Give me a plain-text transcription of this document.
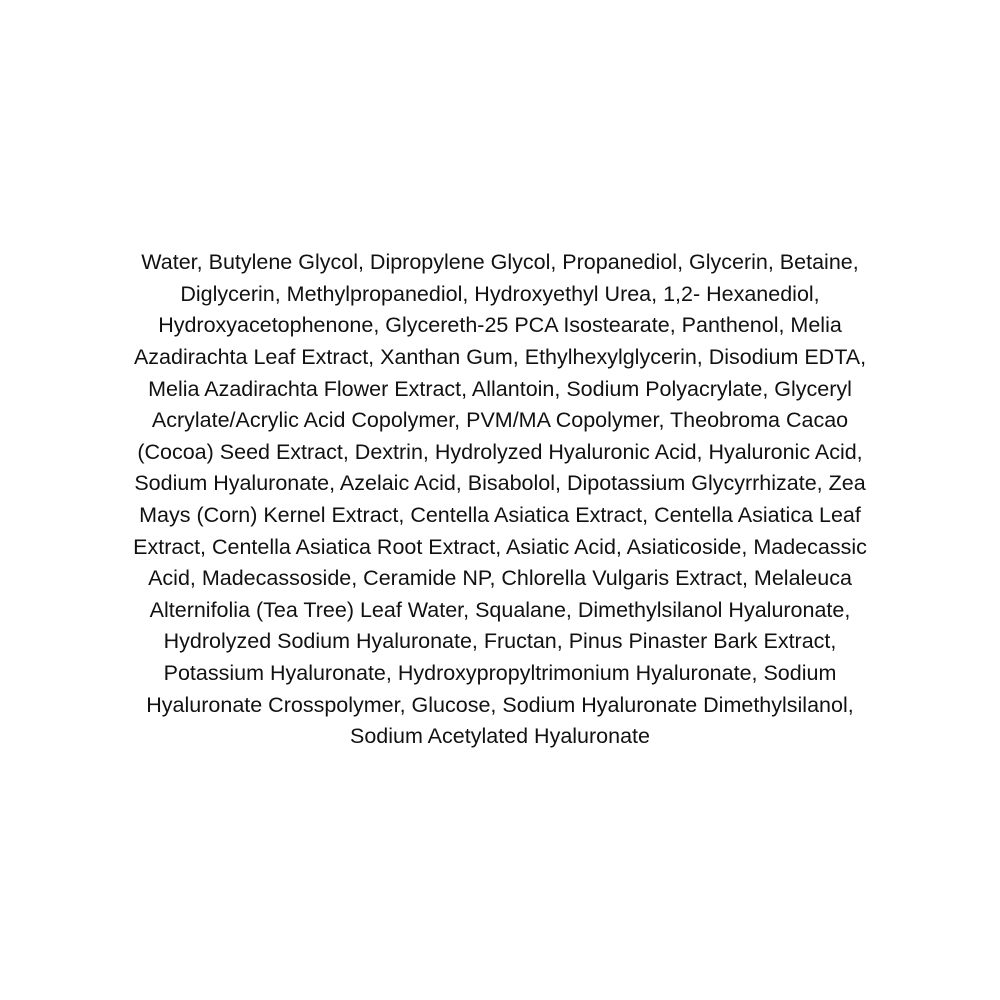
Water, Butylene Glycol, Dipropylene Glycol, Propanediol, Glycerin, Betaine,
Diglycerin, Methylpropanediol, Hydroxyethyl Urea, 1,2- Hexanediol,
Hydroxyacetophenone, Glycereth-25 PCA Isostearate, Panthenol, Melia
Azadirachta Leaf Extract, Xanthan Gum, Ethylhexylglycerin, Disodium EDTA,
Melia Azadirachta Flower Extract, Allantoin, Sodium Polyacrylate, Glyceryl
Acrylate/Acrylic Acid Copolymer, PVM/MA Copolymer, Theobroma Cacao
(Cocoa) Seed Extract, Dextrin, Hydrolyzed Hyaluronic Acid, Hyaluronic Acid,
Sodium Hyaluronate, Azelaic Acid, Bisabolol, Dipotassium Glycyrrhizate, Zea
Mays (Corn) Kernel Extract, Centella Asiatica Extract, Centella Asiatica Leaf
Extract, Centella Asiatica Root Extract, Asiatic Acid, Asiaticoside, Madecassic
Acid, Madecassoside, Ceramide NP, Chlorella Vulgaris Extract, Melaleuca
Alternifolia (Tea Tree) Leaf Water, Squalane, Dimethylsilanol Hyaluronate,
Hydrolyzed Sodium Hyaluronate, Fructan, Pinus Pinaster Bark Extract,
Potassium Hyaluronate, Hydroxypropyltrimonium Hyaluronate, Sodium
Hyaluronate Crosspolymer, Glucose, Sodium Hyaluronate Dimethylsilanol,
Sodium Acetylated Hyaluronate
